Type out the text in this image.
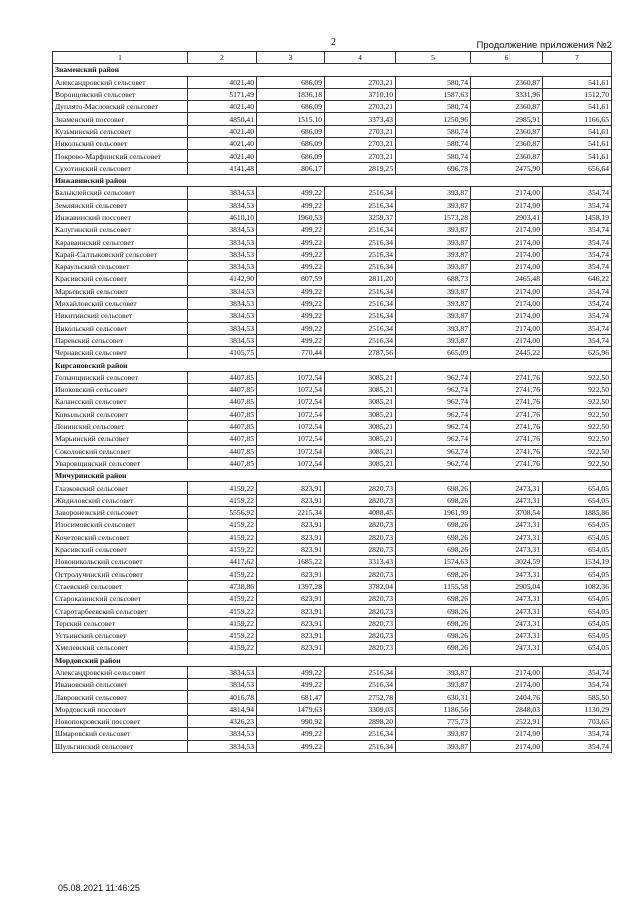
2	Продолжение приложения №2
1	2	3	4	5	6	7
Знаменский район						
Александровский сельсовет	4021,40	686,09	2703,21	580,74	2360,87	541,61
Воронцовский сельсовет	5171,49	1836,18	3710,10	1587,63	3331,96	1512,70
Дуплято-Масловский сельсовет	4021,40	686,09	2703,21	580,74	2360,87	541,61
Знаменский поссовет	4850,41	1515,10	3373,43	1250,96	2985,91	1166,65
Кузьминский сельсовет	4021,40	686,09	2703,21	580,74	2360,87	541,61
Никольский сельсовет	4021,40	686,09	2703,21	580,74	2360,87	541,61
Покрово-Марфинский сельсовет	4021,40	686,09	2703,21	580,74	2360,87	541,61
Сухотинский сельсовет	4141,48	806,17	2819,25	696,78	2475,90	656,64
Инжавинский район						
Балыклейский сельсовет	3834,53	499,22	2516,34	393,87	2174,00	354,74
Землянский сельсовет	3834,53	499,22	2516,34	393,87	2174,00	354,74
Инжавинский поссовет	4610,10	1960,53	3259,37	1573,28	2903,41	1458,19
Калугинский сельсовет	3834,53	499,22	2516,34	393,87	2174,00	354,74
Караваинский сельсовет	3834,53	499,22	2516,34	393,87	2174,00	354,74
Карай-Салтыковский сельсовет	3834,53	499,22	2516,34	393,87	2174,00	354,74
Караульский сельсовет	3834,53	499,22	2516,34	393,87	2174,00	354,74
Красивский сельсовет	4142,90	807,59	2811,20	688,73	2465,48	646,22
Марьевский сельсовет	3834,53	499,22	2516,34	393,87	2174,00	354,74
Михайловский сельсовет	3834,53	499,22	2516,34	393,87	2174,00	354,74
Никитинский сельсовет	3834,53	499,22	2516,34	393,87	2174,00	354,74
Никольский сельсовет	3834,53	499,22	2516,34	393,87	2174,00	354,74
Паревский сельсовет	3834,53	499,22	2516,34	393,87	2174,00	354,74
Чернавский сельсовет	4105,75	770,44	2787,56	665,09	2445,22	625,96
Кирсановский район						
Голынщинский сельсовет	4407,85	1072,54	3085,21	962,74	2741,76	922,50
Иноковский сельсовет	4407,85	1072,54	3085,21	962,74	2741,76	922,50
Калаисский сельсовет	4407,85	1072,54	3085,21	962,74	2741,76	922,50
Ковыльский сельсовет	4407,85	1072,54	3085,21	962,74	2741,76	922,50
Ленинский сельсовет	4407,85	1072,54	3085,21	962,74	2741,76	922,50
Марьинский сельсовет	4407,85	1072,54	3085,21	962,74	2741,76	922,50
Соколовский сельсовет	4407,85	1072,54	3085,21	962,74	2741,76	922,50
Уваровщинский сельсовет	4407,85	1072,54	3085,21	962,74	2741,76	922,50
Мичуринский район						
Глазковский сельсовет	4159,22	823,91	2820,73	698,26	2473,31	654,05
Жидиловский сельсовет	4159,22	823,91	2820,73	698,26	2473,31	654,05
Заворонежский сельсовет	5556,92	2215,34	4088,45	1961,99	3708,54	1885,86
Изосимовский сельсовет	4159,22	823,91	2820,73	698,26	2473,31	654,05
Кочетовский сельсовет	4159,22	823,91	2820,73	698,26	2473,31	654,05
Красивский сельсовет	4159,22	823,91	2820,73	698,26	2473,31	654,05
Новоникольский сельсовет	4417,62	1685,22	3313,43	1574,63	3024,59	1534,19
Остролучинский сельсовет	4159,22	823,91	2820,73	698,26	2473,31	654,05
Стаевский сельсовет	4738,86	1397,28	3782,04	1155,58	2905,04	1082,36
Староказинский сельсовет	4159,22	823,91	2820,73	698,26	2473,31	654,05
Старотарбеевский сельсовет	4159,22	823,91	2820,73	698,26	2473,31	654,05
Терский сельсовет	4159,22	823,91	2820,73	698,26	2473,31	654,05
Устьинский сельсовет	4159,22	823,91	2820,73	698,26	2473,31	654,05
Хмелевский сельсовет	4159,22	823,91	2820,73	698,26	2473,31	654,05
Мордовский район						
Александровский сельсовет	3834,53	499,22	2516,34	393,87	2174,00	354,74
Ивановский сельсовет	3834,53	499,22	2516,34	393,87	2174,00	354,74
Лавровский сельсовет	4016,78	681,47	2752,78	630,31	2404,76	585,50
Мордовский поссовет	4814,94	1479,63	3309,03	1186,56	2848,03	1130,29
Новопокровский поссовет	4326,23	990,92	2898,20	775,73	2522,91	703,65
Шмаровский сельсовет	3834,53	499,22	2516,34	393,87	2174,00	354,74
Шульгинский сельсовет	3834,53	499,22	2516,34	393,87	2174,00	354,74
05.08.2021 11:46:25
